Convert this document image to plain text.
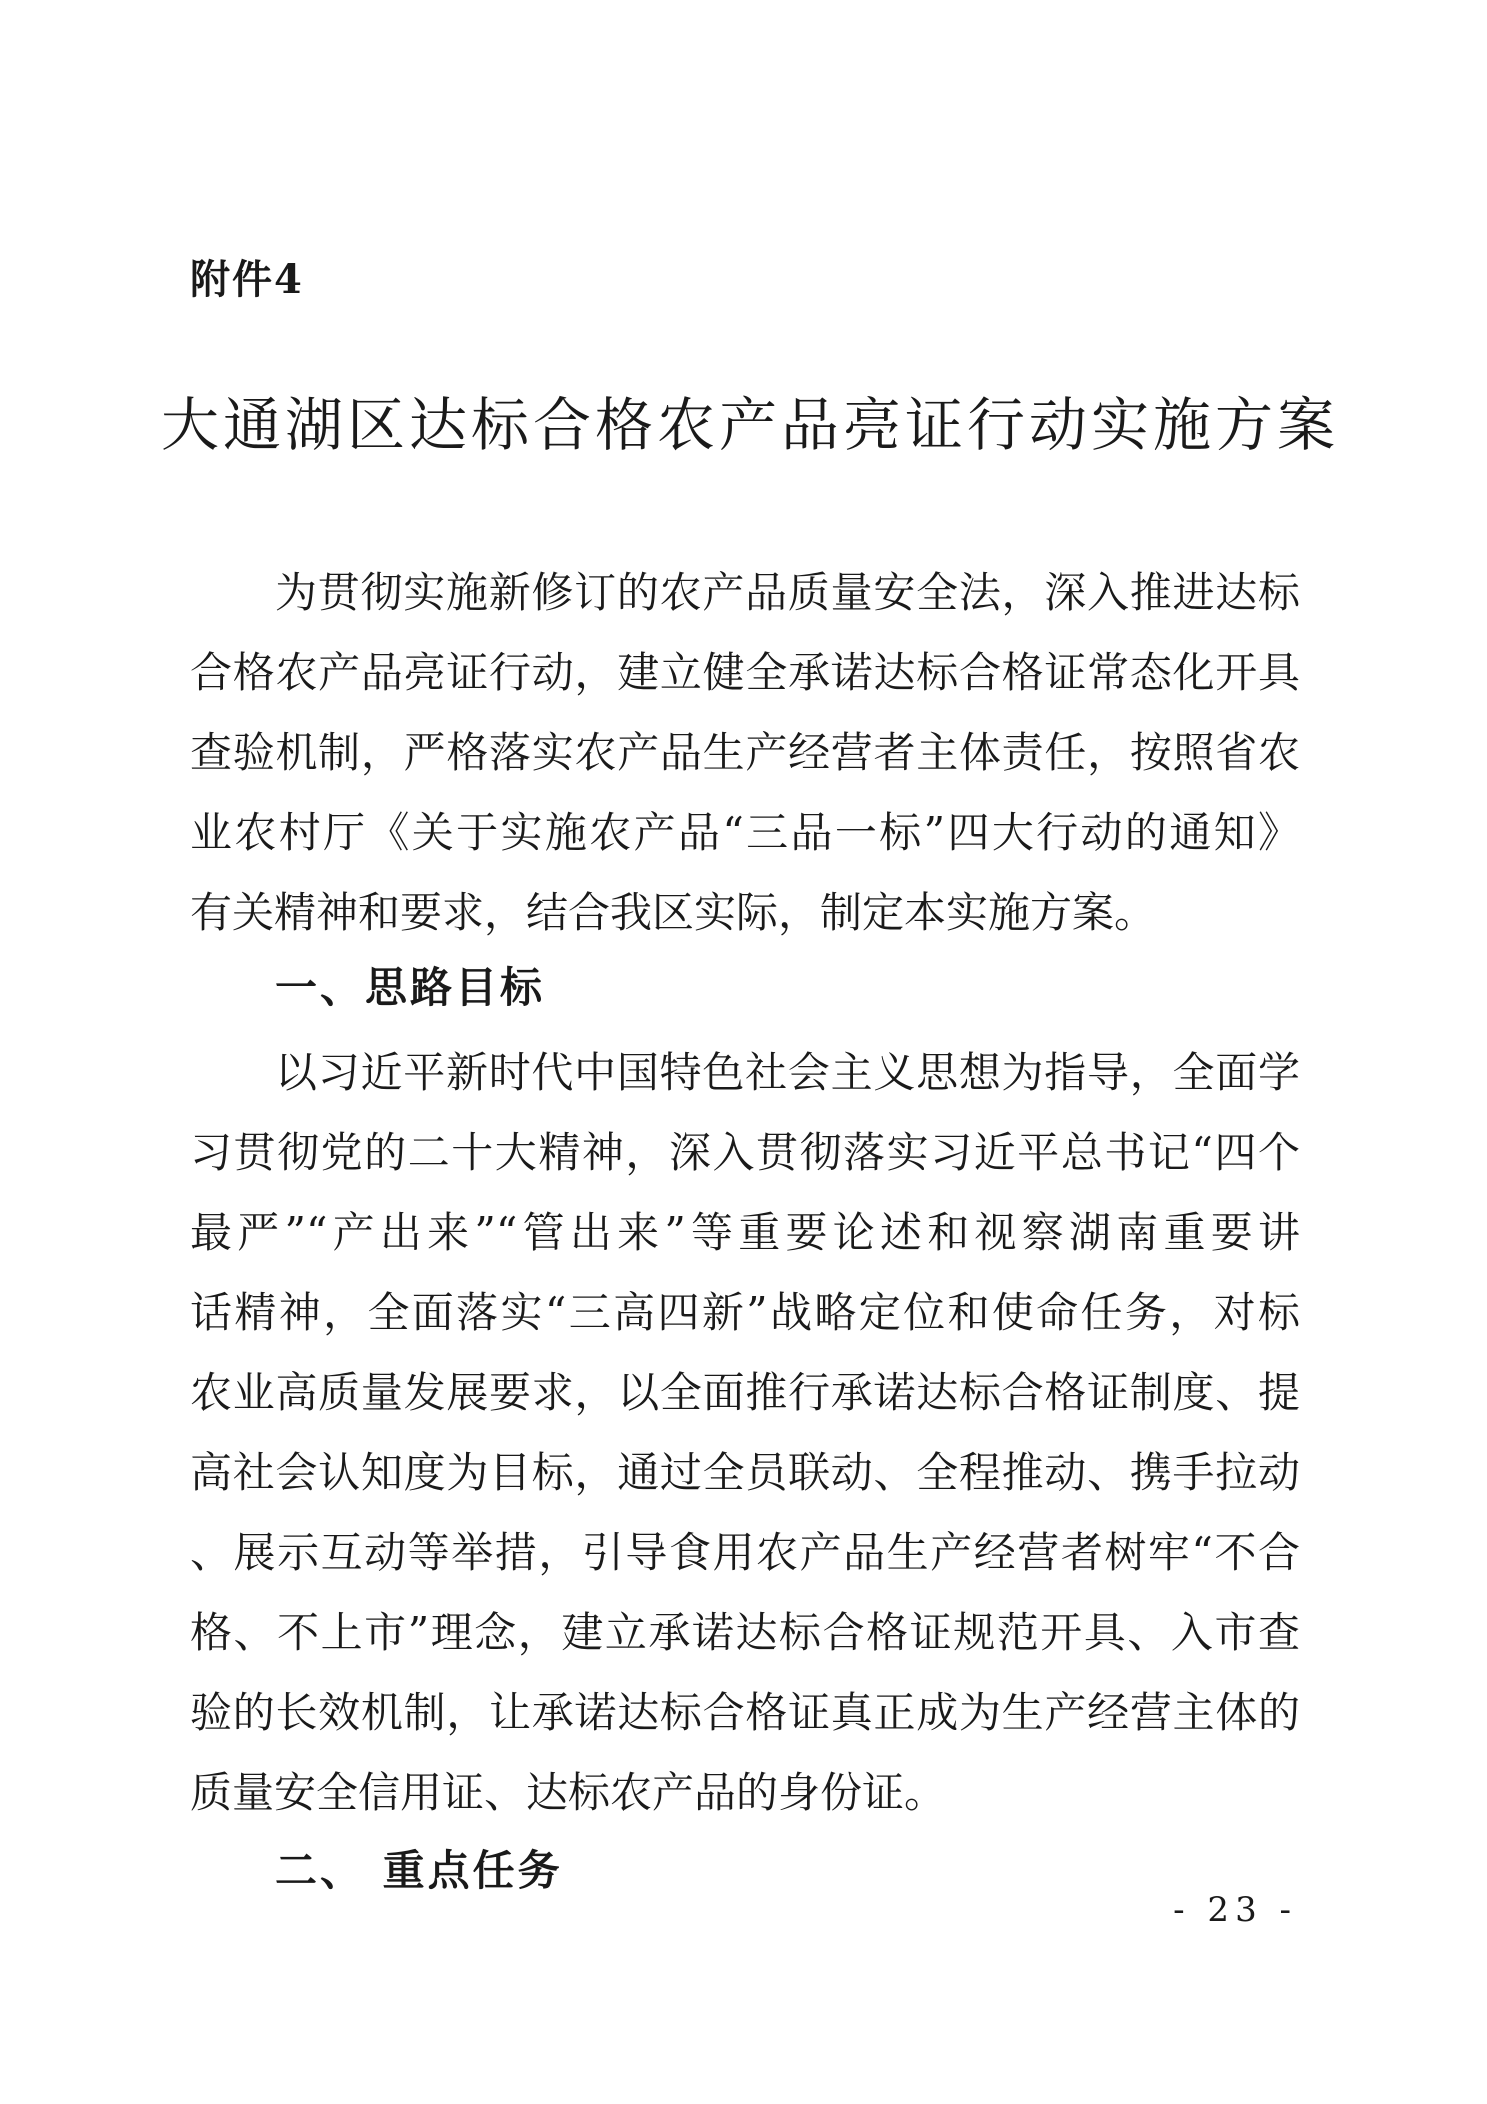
附件4
大通湖区达标合格农产品亮证行动实施方案
为贯彻实施新修订的农产品质量安全法，深入推进达标
合格农产品亮证行动，建立健全承诺达标合格证常态化开具
查验机制，严格落实农产品生产经营者主体责任，按照省农
业农村厅《关于实施农产品“三品一标”四大行动的通知》
有关精神和要求，结合我区实际，制定本实施方案。
一、思路目标
以习近平新时代中国特色社会主义思想为指导，全面学
习贯彻党的二十大精神，深入贯彻落实习近平总书记“四个
最严”“产出来”“管出来”等重要论述和视察湖南重要讲
话精神，全面落实“三高四新”战略定位和使命任务，对标
农业高质量发展要求，以全面推行承诺达标合格证制度、提
高社会认知度为目标，通过全员联动、全程推动、携手拉动
、展示互动等举措，引导食用农产品生产经营者树牢“不合
格、不上市”理念，建立承诺达标合格证规范开具、入市查
验的长效机制，让承诺达标合格证真正成为生产经营主体的
质量安全信用证、达标农产品的身份证。
二、 重点任务
- 23 -
